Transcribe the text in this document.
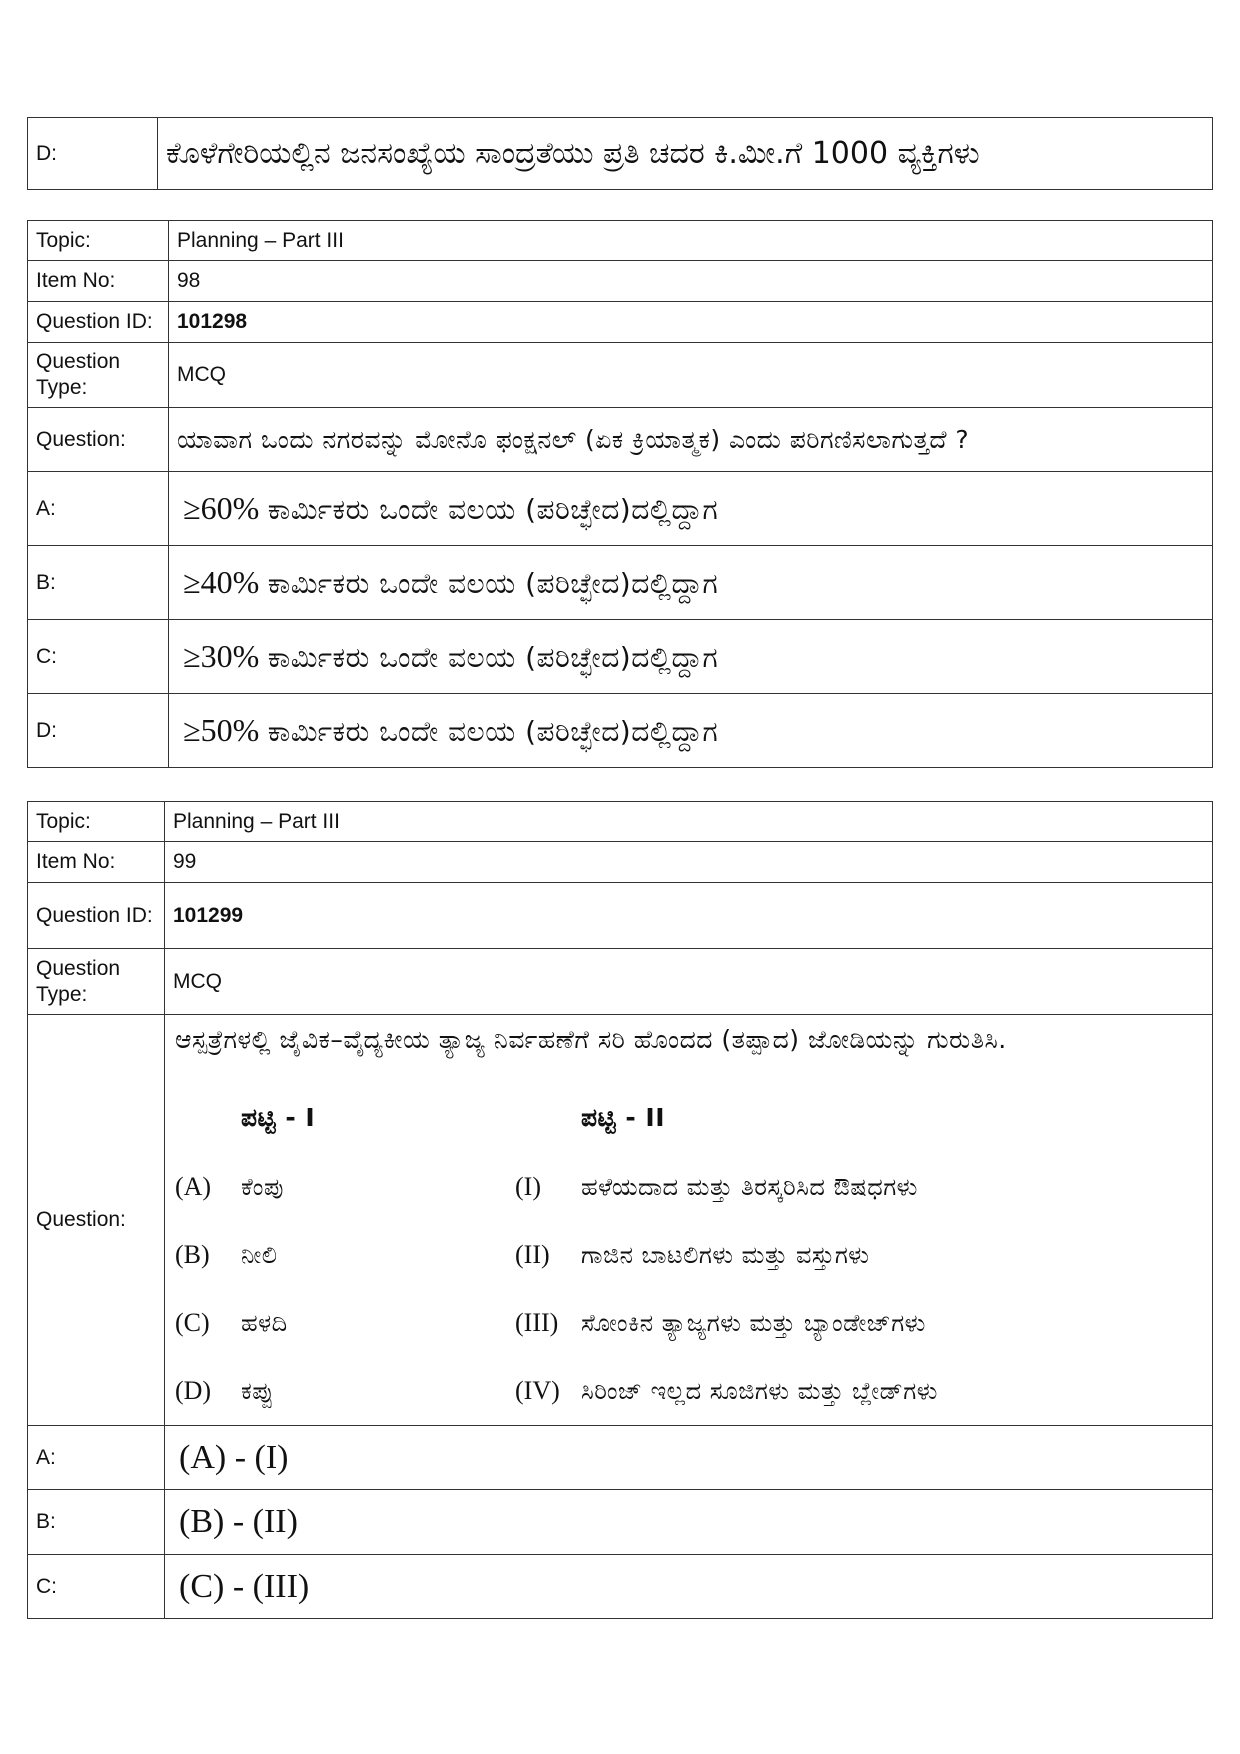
D:	ಕೊಳೆಗೇರಿಯಲ್ಲಿನ ಜನಸಂಖ್ಯೆಯ ಸಾಂದ್ರತೆಯು ಪ್ರತಿ ಚದರ ಕಿ.ಮೀ.ಗೆ 1000 ವ್ಯಕ್ತಿಗಳು
Topic:	Planning – Part III
Item No:	98
Question ID:	101298
Question Type:	MCQ
Question:	ಯಾವಾಗ ಒಂದು ನಗರವನ್ನು ಮೋನೊ ಫಂಕ್ಷನಲ್ (ಏಕ ಕ್ರಿಯಾತ್ಮಕ) ಎಂದು ಪರಿಗಣಿಸಲಾಗುತ್ತದೆ ?
A:	≥60% ಕಾರ್ಮಿಕರು ಒಂದೇ ವಲಯ (ಪರಿಚ್ಛೇದ)ದಲ್ಲಿದ್ದಾಗ
B:	≥40% ಕಾರ್ಮಿಕರು ಒಂದೇ ವಲಯ (ಪರಿಚ್ಛೇದ)ದಲ್ಲಿದ್ದಾಗ
C:	≥30% ಕಾರ್ಮಿಕರು ಒಂದೇ ವಲಯ (ಪರಿಚ್ಛೇದ)ದಲ್ಲಿದ್ದಾಗ
D:	≥50% ಕಾರ್ಮಿಕರು ಒಂದೇ ವಲಯ (ಪರಿಚ್ಛೇದ)ದಲ್ಲಿದ್ದಾಗ
Topic:	Planning – Part III
Item No:	99
Question ID:	101299
Question Type:	MCQ
Question:	
ಆಸ್ಪತ್ರೆಗಳಲ್ಲಿ ಜೈವಿಕ–ವೈದ್ಯಕೀಯ ತ್ಯಾಜ್ಯ ನಿರ್ವಹಣೆಗೆ ಸರಿ ಹೊಂದದ (ತಪ್ಪಾದ) ಜೋಡಿಯನ್ನು ಗುರುತಿಸಿ.
	ಪಟ್ಟಿ - I		ಪಟ್ಟಿ - II
(A)	ಕೆಂಪು	(I)	ಹಳೆಯದಾದ ಮತ್ತು ತಿರಸ್ಕರಿಸಿದ ಔಷಧಗಳು
(B)	ನೀಲಿ	(II)	ಗಾಜಿನ ಬಾಟಲಿಗಳು ಮತ್ತು ವಸ್ತುಗಳು
(C)	ಹಳದಿ	(III)	ಸೋಂಕಿನ ತ್ಯಾಜ್ಯಗಳು ಮತ್ತು ಬ್ಯಾಂಡೇಜ್‌ಗಳು
(D)	ಕಪ್ಪು	(IV)	ಸಿರಿಂಜ್ ಇಲ್ಲದ ಸೂಜಿಗಳು ಮತ್ತು ಬ್ಲೇಡ್‌ಗಳು

A:	(A) - (I)
B:	(B) - (II)
C:	(C) - (III)
